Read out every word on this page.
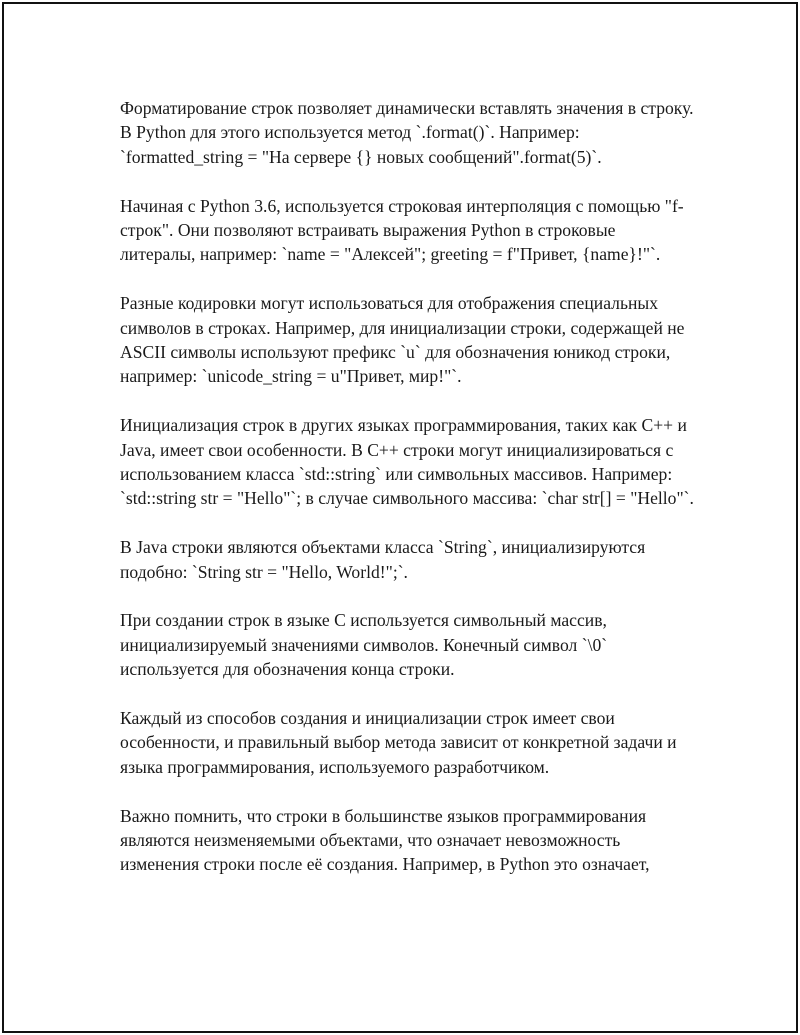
Форматирование строк позволяет динамически вставлять значения в строку. В Python для этого используется метод `.format()`. Например: `formatted_string = "На сервере {} новых сообщений".format(5)`.

Начиная с Python 3.6, используется строковая интерполяция с помощью "f-строк". Они позволяют встраивать выражения Python в строковые литералы, например: `name = "Алексей"; greeting = f"Привет, {name}!"`.

Разные кодировки могут использоваться для отображения специальных символов в строках. Например, для инициализации строки, содержащей не ASCII символы используют префикс `u` для обозначения юникод строки, например: `unicode_string = u"Привет, мир!"`.

Инициализация строк в других языках программирования, таких как C++ и Java, имеет свои особенности. В C++ строки могут инициализироваться с использованием класса `std::string` или символьных массивов. Например: `std::string str = "Hello"`; в случае символьного массива: `char str[] = "Hello"`.

В Java строки являются объектами класса `String`, инициализируются подобно: `String str = "Hello, World!";`.

При создании строк в языке C используется символьный массив, инициализируемый значениями символов. Конечный символ `\0` используется для обозначения конца строки.

Каждый из способов создания и инициализации строк имеет свои особенности, и правильный выбор метода зависит от конкретной задачи и языка программирования, используемого разработчиком.

Важно помнить, что строки в большинстве языков программирования являются неизменяемыми объектами, что означает невозможность изменения строки после её создания. Например, в Python это означает,
